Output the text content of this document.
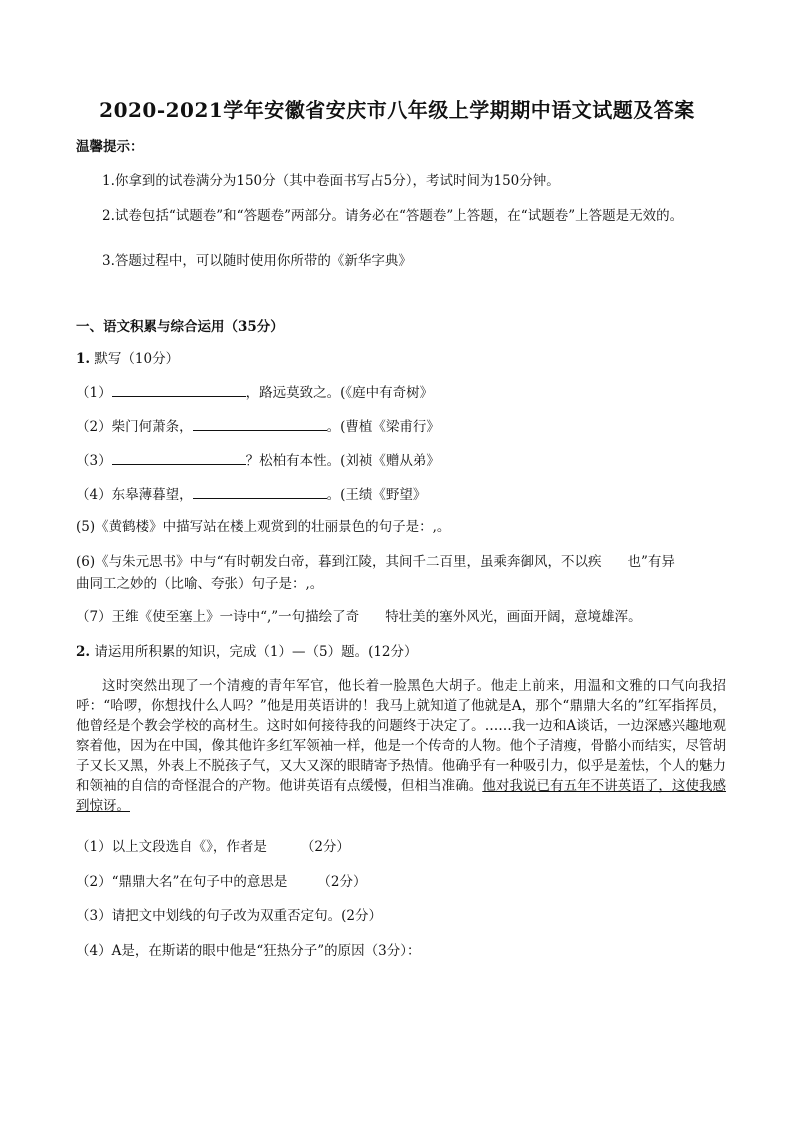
2020-2021学年安徽省安庆市八年级上学期期中语文试题及答案
温馨提示：
1.你拿到的试卷满分为150分（其中卷面书写占5分），考试时间为150分钟。
2.试卷包括“试题卷”和“答题卷”两部分。请务必在“答题卷”上答题，在“试题卷”上答题是无效的。
3.答题过程中，可以随时使用你所带的《新华字典》
一、语文积累与综合运用（35分）
1. 默写（10分）
（1）	，路远莫致之。(《庭中有奇树》
（2）柴门何萧条，	。(曹植《梁甫行》
（3）	？松柏有本性。(刘祯《赠从弟》
（4）东皋薄暮望，	。(王绩《野望》
(5)《黄鹤楼》中描写站在楼上观赏到的壮丽景色的句子是：,。
(6)《与朱元思书》中与“有时朝发白帝，暮到江陵，其间千二百里，虽乘奔御风，不以疾 也”有异
曲同工之妙的（比喻、夸张）句子是：,。
（7）王维《使至塞上》一诗中“,”一句描绘了奇 特壮美的塞外风光，画面开阔，意境雄浑。
2. 请运用所积累的知识，完成（1）—（5）题。(12分）
这时突然出现了一个清瘦的青年军官，他长着一脸黑色大胡子。他走上前来，用温和文雅的口气向我招呼：“哈啰，你想找什么人吗？”他是用英语讲的！我马上就知道了他就是A，那个“鼎鼎大名的”红军指挥员，他曾经是个教会学校的高材生。这时如何接待我的问题终于决定了。……我一边和A谈话，一边深感兴趣地观察着他，因为在中国，像其他许多红军领袖一样，他是一个传奇的人物。他个子清瘦，骨骼小而结实，尽管胡子又长又黑，外表上不脱孩子气，又大又深的眼睛寄予热情。他确乎有一种吸引力，似乎是羞怯，个人的魅力和领袖的自信的奇怪混合的产物。他讲英语有点缓慢，但相当准确。他对我说已有五年不讲英语了，这使我感到惊讶。
（1）以上文段选自《》，作者是	（2分）
（2）“鼎鼎大名”在句子中的意思是 （2分）
（3）请把文中划线的句子改为双重否定句。(2分）
（4）A是，在斯诺的眼中他是“狂热分子”的原因（3分）：
